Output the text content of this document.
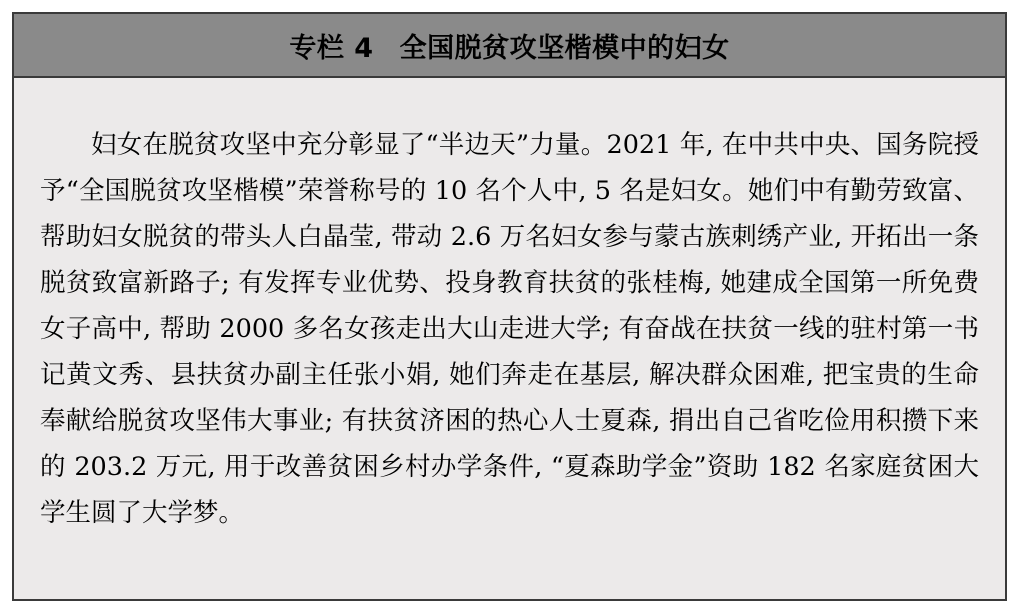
专栏 4 全国脱贫攻坚楷模中的妇女

妇女在脱贫攻坚中充分彰显了“半边天”力量。2021 年, 在中共中央、国务院授予“全国脱贫攻坚楷模”荣誉称号的 10 名个人中, 5 名是妇女。她们中有勤劳致富、帮助妇女脱贫的带头人白晶莹, 带动 2.6 万名妇女参与蒙古族刺绣产业, 开拓出一条脱贫致富新路子; 有发挥专业优势、投身教育扶贫的张桂梅, 她建成全国第一所免费女子高中, 帮助 2000 多名女孩走出大山走进大学; 有奋战在扶贫一线的驻村第一书记黄文秀、县扶贫办副主任张小娟, 她们奔走在基层, 解决群众困难, 把宝贵的生命奉献给脱贫攻坚伟大事业; 有扶贫济困的热心人士夏森, 捐出自己省吃俭用积攒下来的 203.2 万元, 用于改善贫困乡村办学条件, “夏森助学金”资助 182 名家庭贫困大学生圆了大学梦。
